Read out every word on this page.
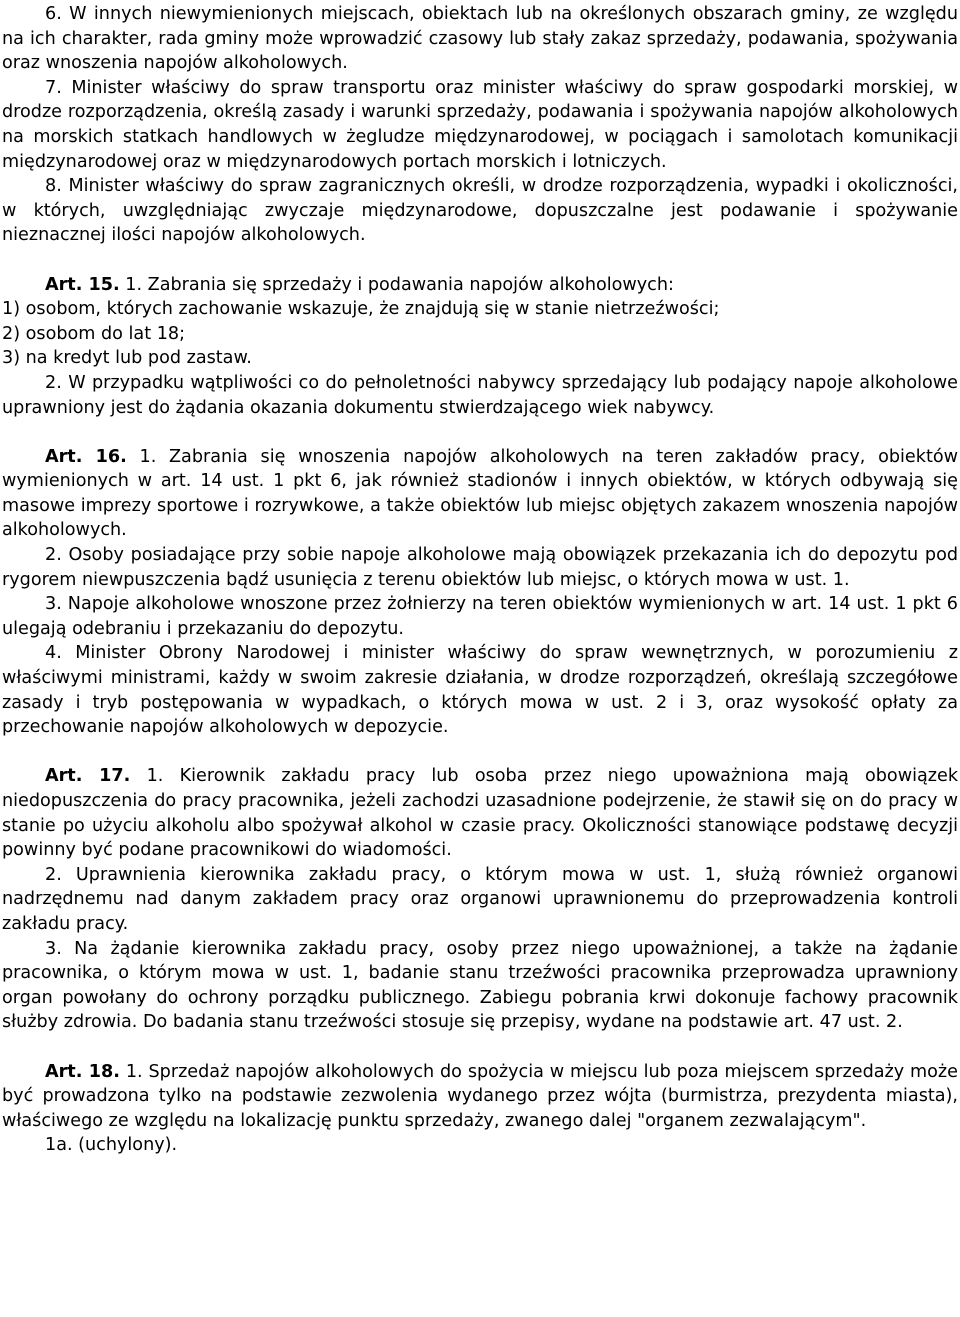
6. W innych niewymienionych miejscach, obiektach lub na określonych obszarach gminy, ze względu na ich charakter, rada gminy może wprowadzić czasowy lub stały zakaz sprzedaży, podawania, spożywania oraz wnoszenia napojów alkoholowych.

7. Minister właściwy do spraw transportu oraz minister właściwy do spraw gospodarki morskiej, w drodze rozporządzenia, określą zasady i warunki sprzedaży, podawania i spożywania napojów alkoholowych na morskich statkach handlowych w żegludze międzynarodowej, w pociągach i samolotach komunikacji międzynarodowej oraz w międzynarodowych portach morskich i lotniczych.

8. Minister właściwy do spraw zagranicznych określi, w drodze rozporządzenia, wypadki i okoliczności, w których, uwzględniając zwyczaje międzynarodowe, dopuszczalne jest podawanie i spożywanie nieznacznej ilości napojów alkoholowych.

Art. 15. 1. Zabrania się sprzedaży i podawania napojów alkoholowych:

1) osobom, których zachowanie wskazuje, że znajdują się w stanie nietrzeźwości;

2) osobom do lat 18;

3) na kredyt lub pod zastaw.

2. W przypadku wątpliwości co do pełnoletności nabywcy sprzedający lub podający napoje alkoholowe uprawniony jest do żądania okazania dokumentu stwierdzającego wiek nabywcy.

Art. 16. 1. Zabrania się wnoszenia napojów alkoholowych na teren zakładów pracy, obiektów wymienionych w art. 14 ust. 1 pkt 6, jak również stadionów i innych obiektów, w których odbywają się masowe imprezy sportowe i rozrywkowe, a także obiektów lub miejsc objętych zakazem wnoszenia napojów alkoholowych.

2. Osoby posiadające przy sobie napoje alkoholowe mają obowiązek przekazania ich do depozytu pod rygorem niewpuszczenia bądź usunięcia z terenu obiektów lub miejsc, o których mowa w ust. 1.

3. Napoje alkoholowe wnoszone przez żołnierzy na teren obiektów wymienionych w art. 14 ust. 1 pkt 6 ulegają odebraniu i przekazaniu do depozytu.

4. Minister Obrony Narodowej i minister właściwy do spraw wewnętrznych, w porozumieniu z właściwymi ministrami, każdy w swoim zakresie działania, w drodze rozporządzeń, określają szczegółowe zasady i tryb postępowania w wypadkach, o których mowa w ust. 2 i 3, oraz wysokość opłaty za przechowanie napojów alkoholowych w depozycie.

Art. 17. 1. Kierownik zakładu pracy lub osoba przez niego upoważniona mają obowiązek niedopuszczenia do pracy pracownika, jeżeli zachodzi uzasadnione podejrzenie, że stawił się on do pracy w stanie po użyciu alkoholu albo spożywał alkohol w czasie pracy. Okoliczności stanowiące podstawę decyzji powinny być podane pracownikowi do wiadomości.

2. Uprawnienia kierownika zakładu pracy, o którym mowa w ust. 1, służą również organowi nadrzędnemu nad danym zakładem pracy oraz organowi uprawnionemu do przeprowadzenia kontroli zakładu pracy.

3. Na żądanie kierownika zakładu pracy, osoby przez niego upoważnionej, a także na żądanie pracownika, o którym mowa w ust. 1, badanie stanu trzeźwości pracownika przeprowadza uprawniony organ powołany do ochrony porządku publicznego. Zabiegu pobrania krwi dokonuje fachowy pracownik służby zdrowia. Do badania stanu trzeźwości stosuje się przepisy, wydane na podstawie art. 47 ust. 2.

Art. 18. 1. Sprzedaż napojów alkoholowych do spożycia w miejscu lub poza miejscem sprzedaży może być prowadzona tylko na podstawie zezwolenia wydanego przez wójta (burmistrza, prezydenta miasta), właściwego ze względu na lokalizację punktu sprzedaży, zwanego dalej "organem zezwalającym".

1a. (uchylony).
